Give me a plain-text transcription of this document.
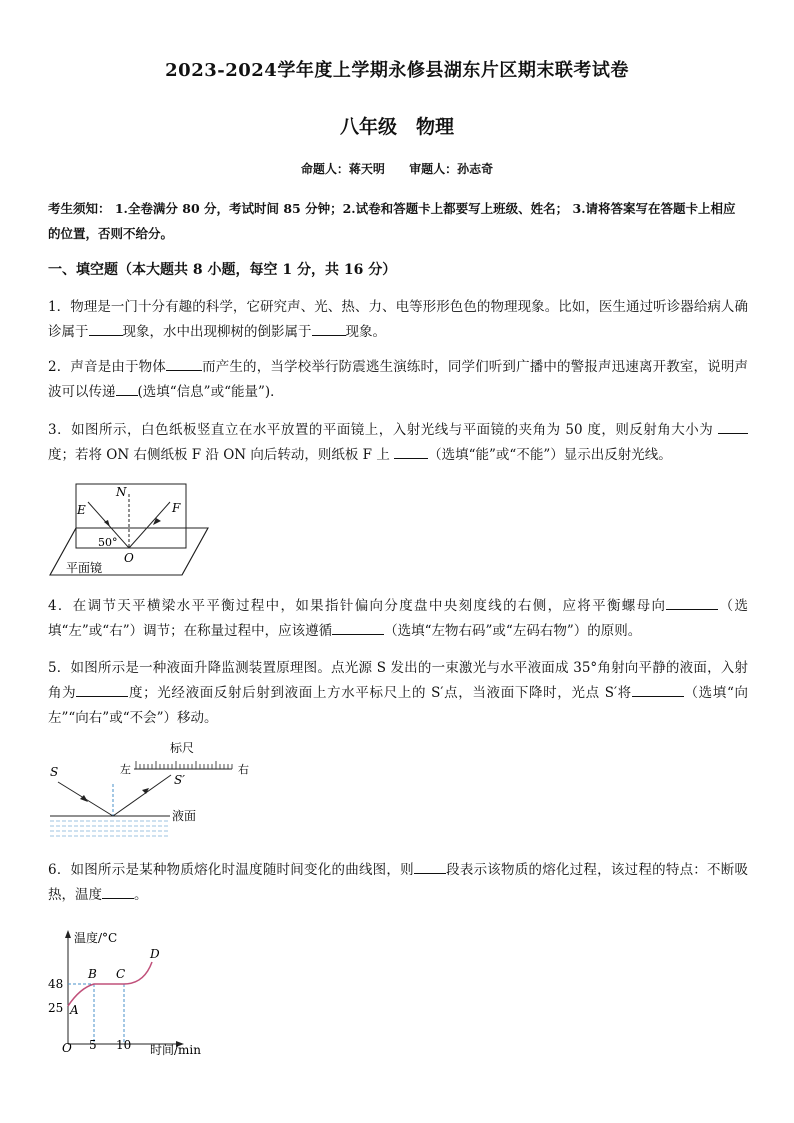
2023-2024学年度上学期永修县湖东片区期末联考试卷
八年级　物理
命题人：蒋天明 审题人：孙志奇
考生须知： 1.全卷满分 80 分，考试时间 85 分钟；2.试卷和答题卡上都要写上班级、姓名； 3.请将答案写在答题卡上相应的位置，否则不给分。
一、填空题（本大题共 8 小题，每空 1 分，共 16 分）
1．物理是一门十分有趣的科学，它研究声、光、热、力、电等形形色色的物理现象。比如，医生通过听诊器给病人确诊属于	现象，水中出现柳树的倒影属于	现象。
2．声音是由于物体	而产生的，当学校举行防震逃生演练时，同学们听到广播中的警报声迅速离开教室，说明声波可以传递 (选填“信息”或“能量”)．
3．如图所示，白色纸板竖直立在水平放置的平面镜上，入射光线与平面镜的夹角为 50 度，则反射角大小为 度；若将 ON 右侧纸板 F 沿 ON 向后转动，则纸板 F 上	（选填“能”或“不能”）显示出反射光线。
N
E	F
50°
O
平面镜
4．在调节天平横梁水平平衡过程中，如果指针偏向分度盘中央刻度线的右侧，应将平衡螺母向	（选填“左”或“右”）调节；在称量过程中，应该遵循	（选填“左物右码”或“左码右物”）的原则。
5．如图所示是一种液面升降监测装置原理图。点光源 S 发出的一束激光与水平液面成 35°角射向平静的液面，入射角为	度；光经液面反射后射到液面上方水平标尺上的 S′点，当液面下降时，光点 S′将	（选填“向左”“向右”或“不会”）移动。
标尺
左	右
S
S′
液面
6．如图所示是某种物质熔化时温度随时间变化的曲线图，则 段表示该物质的熔化过程，该过程的特点：不断吸热，温度 。
温度/°C
时间/min
O
48
25
5 10
A
B C
D
